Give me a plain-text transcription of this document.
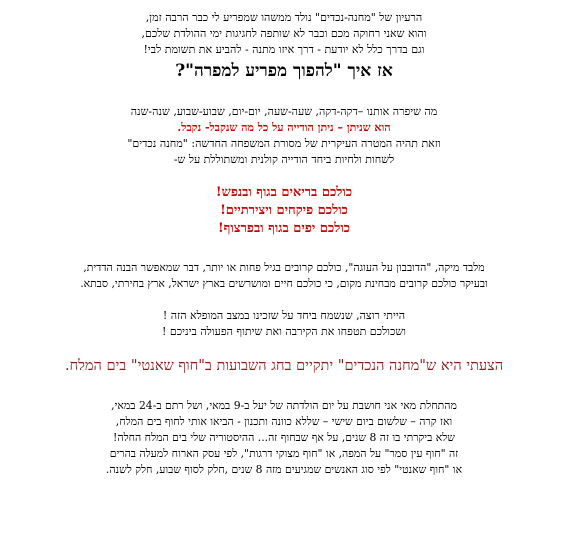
הרעיון של "מחנה-נכדים" נולד ממשהו שמפריע לי כבר הרבה זמן,
והוא שאני רחוקה מכם וכבר לא שותפה לחגיגות ימי ההולדת שלכם,
וגם בדרך כלל לא יודעת - דרך איזו מתנה - להביע את תשומת לבי!
אז איך "להפוך מפריע למפרה"?
מה שיפרה אותנו –דקה-דקה, שעה-שעה, יום-יום, שבוע-שבוע, שנה-שנה
הוא שניתן – ניתן הודייה על כל מה שנקבל- נקבל.
וזאת תהיה המטרה העיקרית של מסורת המשפחה החדשה: "מחנה נכדים"
לשחות ולחיות ביחד הודייה קולנית ומשתוללת על ש-
כולכם בריאים בגוף ובנפש!
כולכם פיקחים ויצירתיים!
כולכם יפים בגוף ובפרצוף!
מלבד מיקה, "הדובבון על העוגה", כולכם קרובים בגיל פחות או יותר, דבר שמאפשר הבנה הדדית,
ובעיקר כולכם קרובים מבחינת מקום, כי כולכם חיים ומושרשים בארץ ישראל, ארץ בחירתי, סבתא.
הייתי רוצה, שנשמח ביחד על שזכינו במצב המופלא הזה !
ושכולכם תטפחו את הקירבה ואת שיתוף הפעולה ביניכם !
הצעתי היא ש"מחנה הנכדים" יתקיים בחג השבועות ב"חוף שאנטי" בים המלח.
מהתחלת מאי אני חושבת על יום הולדתה של יעל ב-9 במאי, ושל רתם ב-24 במאי,
ואז קרה – שלשום ביום שישי – שללא כוונה ותכנון - הביאו אותי לחוף בים המלח,
שלא ביקרתי בו זה 8 שנים, על אף שבחוף זה... ההיסטוריה שלי בים המלח החלה!
זה "חוף עין סמר" על המפה, או "חוף מצוקי דרגות", לפי עסק הארוח למעלה בהרים
או "חוף שאנטי" לפי סוג האנשים שמגיעים מזה 8 שנים ,חלק לסוף שבוע, חלק לשנה.
